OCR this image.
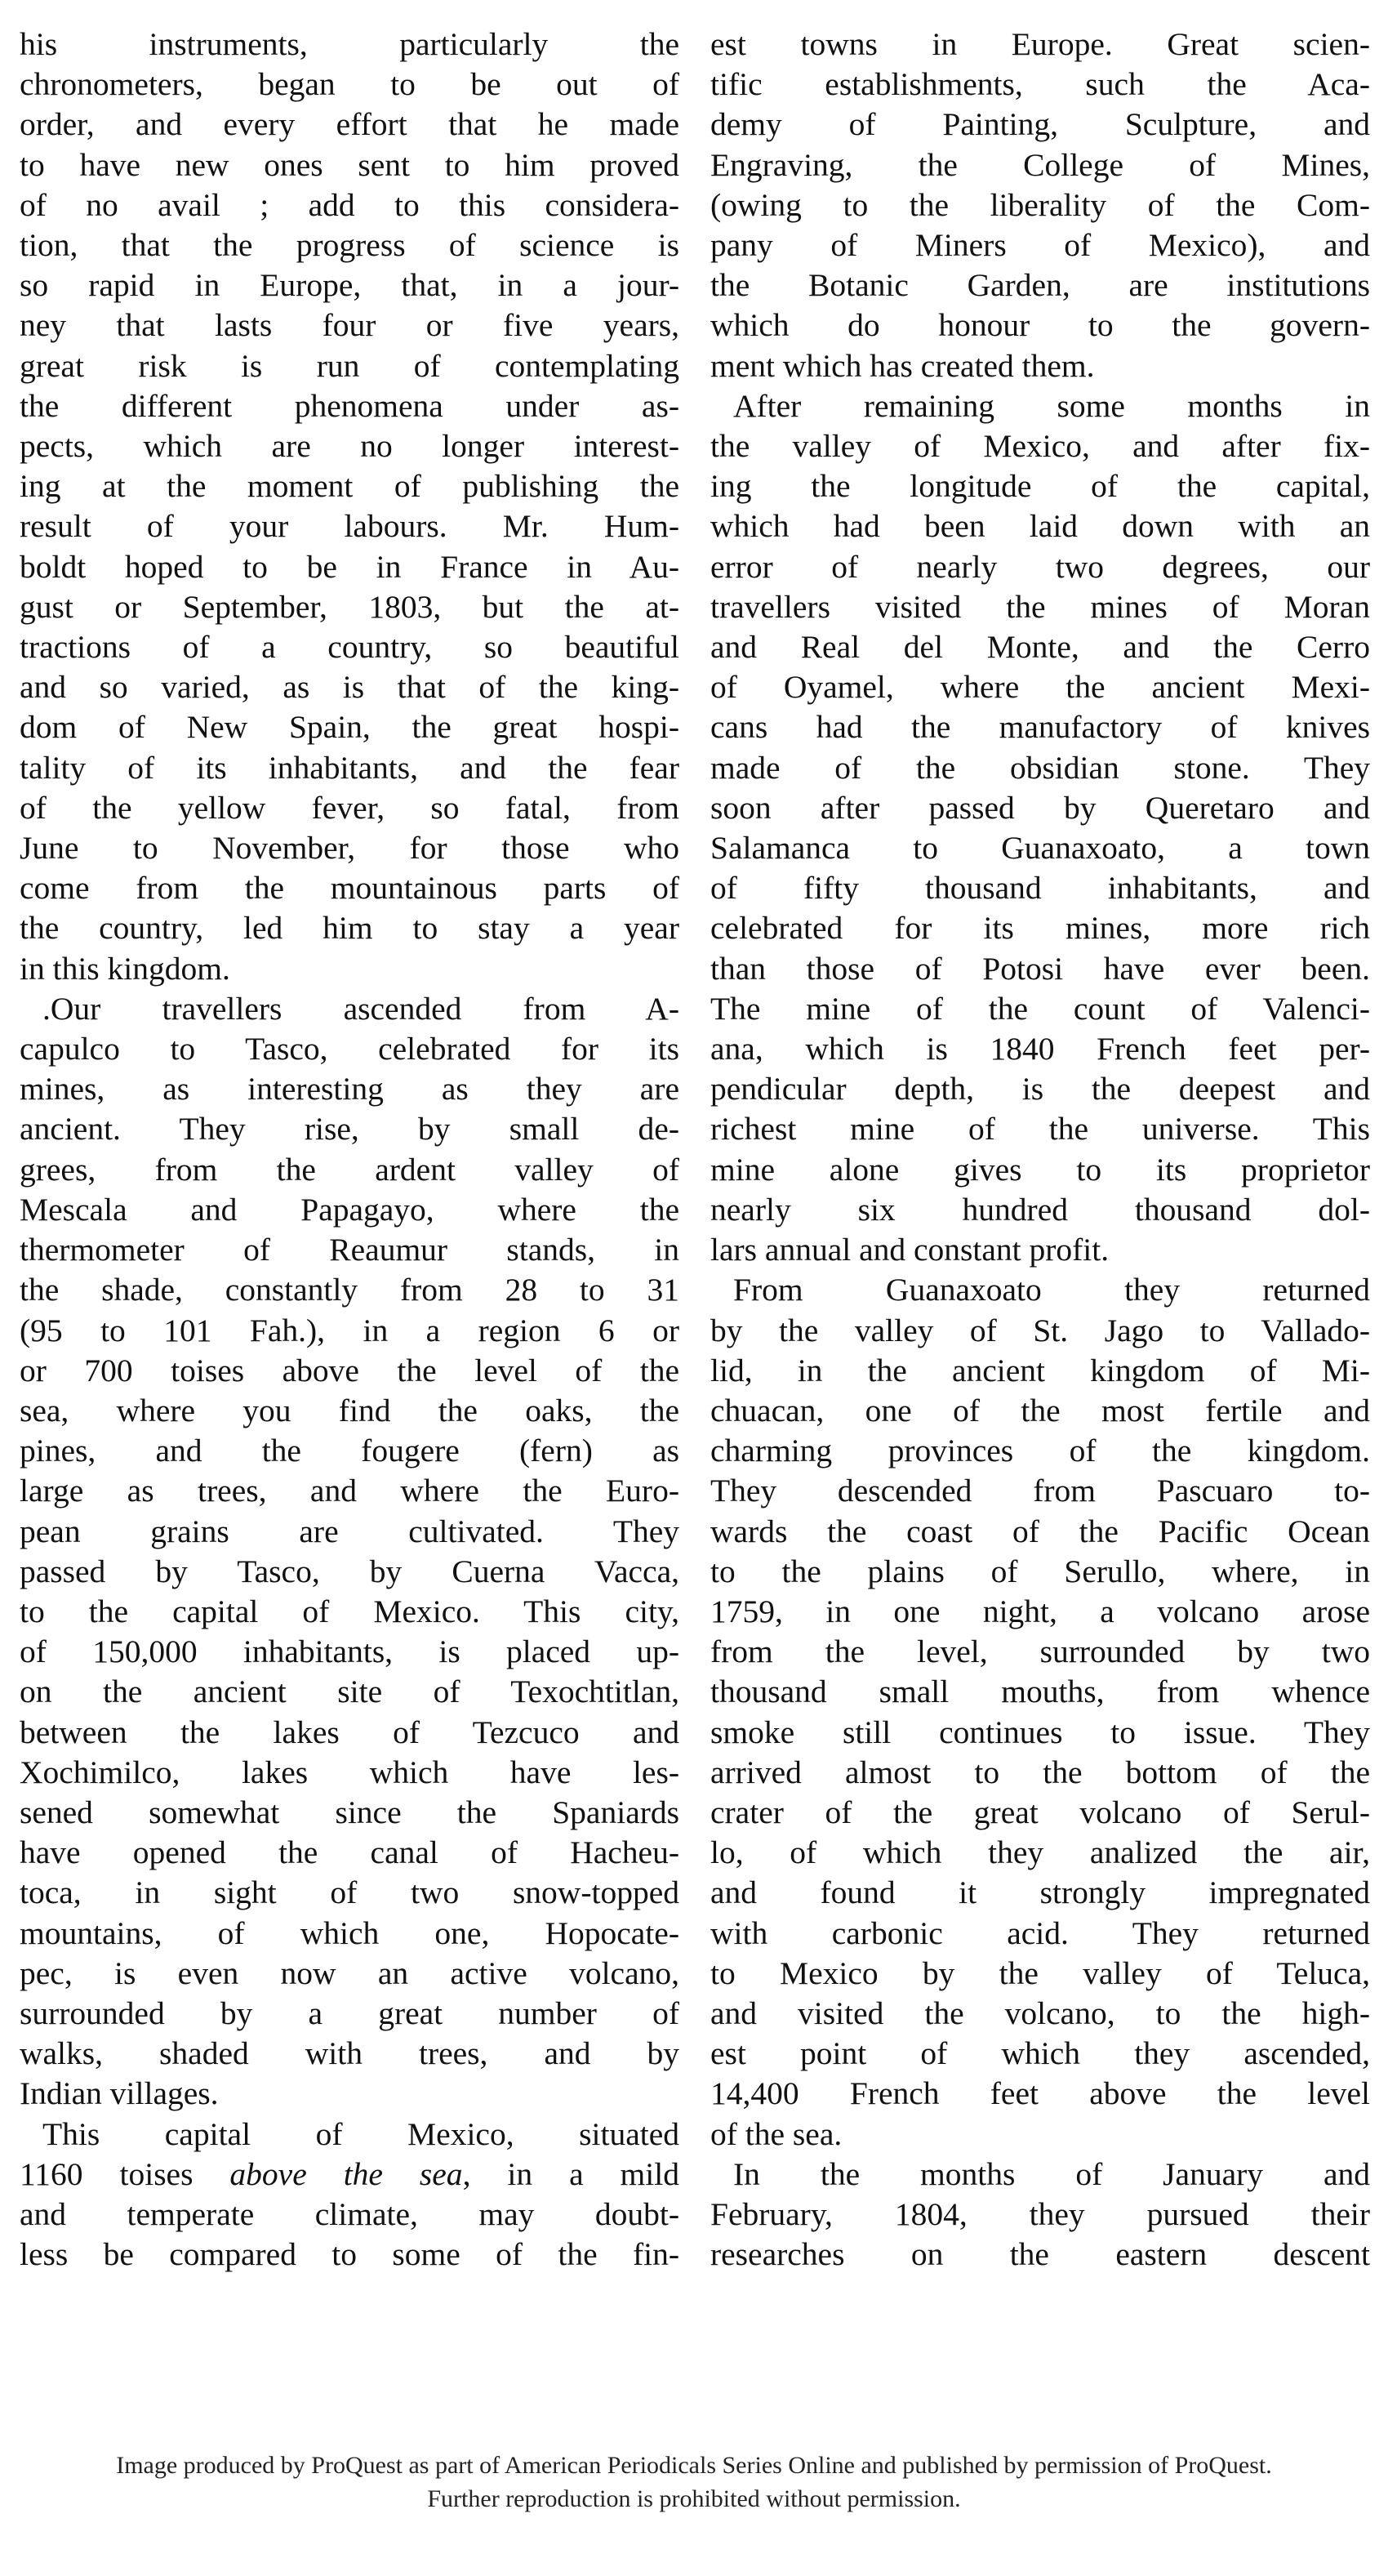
his instruments, particularly the
chronometers, began to be out of
order, and every effort that he made
to have new ones sent to him proved
of no avail ; add to this considera-
tion, that the progress of science is
so rapid in Europe, that, in a jour-
ney that lasts four or five years,
great risk is run of contemplating
the different phenomena under as-
pects, which are no longer interest-
ing at the moment of publishing the
result of your labours. Mr. Hum-
boldt hoped to be in France in Au-
gust or September, 1803, but the at-
tractions of a country, so beautiful
and so varied, as is that of the king-
dom of New Spain, the great hospi-
tality of its inhabitants, and the fear
of the yellow fever, so fatal, from
June to November, for those who
come from the mountainous parts of
the country, led him to stay a year
in this kingdom.
.Our travellers ascended from A-
capulco to Tasco, celebrated for its
mines, as interesting as they are
ancient. They rise, by small de-
grees, from the ardent valley of
Mescala and Papagayo, where the
thermometer of Reaumur stands, in
the shade, constantly from 28 to 31
(95 to 101 Fah.), in a region 6 or
or 700 toises above the level of the
sea, where you find the oaks, the
pines, and the fougere (fern) as
large as trees, and where the Euro-
pean grains are cultivated. They
passed by Tasco, by Cuerna Vacca,
to the capital of Mexico. This city,
of 150,000 inhabitants, is placed up-
on the ancient site of Texochtitlan,
between the lakes of Tezcuco and
Xochimilco, lakes which have les-
sened somewhat since the Spaniards
have opened the canal of Hacheu-
toca, in sight of two snow-topped
mountains, of which one, Hopocate-
pec, is even now an active volcano,
surrounded by a great number of
walks, shaded with trees, and by
Indian villages.
This capital of Mexico, situated
1160 toises above the sea, in a mild
and temperate climate, may doubt-
less be compared to some of the fin-
est towns in Europe. Great scien-
tific establishments, such the Aca-
demy of Painting, Sculpture, and
Engraving, the College of Mines,
(owing to the liberality of the Com-
pany of Miners of Mexico), and
the Botanic Garden, are institutions
which do honour to the govern-
ment which has created them.
After remaining some months in
the valley of Mexico, and after fix-
ing the longitude of the capital,
which had been laid down with an
error of nearly two degrees, our
travellers visited the mines of Moran
and Real del Monte, and the Cerro
of Oyamel, where the ancient Mexi-
cans had the manufactory of knives
made of the obsidian stone. They
soon after passed by Queretaro and
Salamanca to Guanaxoato, a town
of fifty thousand inhabitants, and
celebrated for its mines, more rich
than those of Potosi have ever been.
The mine of the count of Valenci-
ana, which is 1840 French feet per-
pendicular depth, is the deepest and
richest mine of the universe. This
mine alone gives to its proprietor
nearly six hundred thousand dol-
lars annual and constant profit.
From Guanaxoato they returned
by the valley of St. Jago to Vallado-
lid, in the ancient kingdom of Mi-
chuacan, one of the most fertile and
charming provinces of the kingdom.
They descended from Pascuaro to-
wards the coast of the Pacific Ocean
to the plains of Serullo, where, in
1759, in one night, a volcano arose
from the level, surrounded by two
thousand small mouths, from whence
smoke still continues to issue. They
arrived almost to the bottom of the
crater of the great volcano of Serul-
lo, of which they analized the air,
and found it strongly impregnated
with carbonic acid. They returned
to Mexico by the valley of Teluca,
and visited the volcano, to the high-
est point of which they ascended,
14,400 French feet above the level
of the sea.
In the months of January and
February, 1804, they pursued their
researches on the eastern descent
Image produced by ProQuest as part of American Periodicals Series Online and published by permission of ProQuest.
Further reproduction is prohibited without permission.
